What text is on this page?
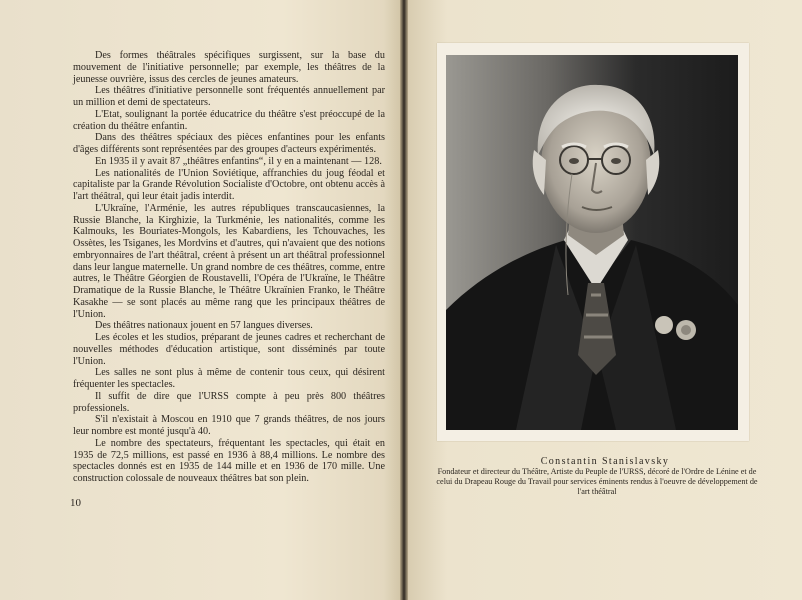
Des formes théâtrales spécifiques surgissent, sur la base du mouvement de l'initiative personnelle; par exemple, les théâtres de la jeunesse ouvrière, issus des cercles de jeunes amateurs.

Les théâtres d'initiative personnelle sont fréquentés annuellement par un million et demi de spectateurs.

L'Etat, soulignant la portée éducatrice du théâtre s'est préoccupé de la création du théâtre enfantin.

Dans des théâtres spéciaux des pièces enfantines pour les enfants d'âges différents sont représentées par des groupes d'acteurs expérimentés.

En 1935 il y avait 87 „théâtres enfantins“, il y en a maintenant — 128.

Les nationalités de l'Union Soviétique, affranchies du joug féodal et capitaliste par la Grande Révolution Socialiste d'Octobre, ont obtenu accès à l'art théâtral, qui leur était jadis interdit.

L'Ukraïne, l'Arménie, les autres républiques transcaucasiennes, la Russie Blanche, la Kirghizie, la Turkménie, les nationalités, comme les Kalmouks, les Bouriates-Mongols, les Kabardiens, les Tchouvaches, les Ossètes, les Tsiganes, les Mordvins et d'autres, qui n'avaient que des notions embryonnaires de l'art théâtral, créent à présent un art théâtral professionnel dans leur langue maternelle. Un grand nombre de ces théâtres, comme, entre autres, le Théâtre Géorgien de Roustavelli, l'Opéra de l'Ukraïne, le Théâtre Dramatique de la Russie Blanche, le Théâtre Ukraïnien Franko, le Théâtre Kasakhe — se sont placés au même rang que les principaux théâtres de l'Union.

Des théâtres nationaux jouent en 57 langues diverses.

Les écoles et les studios, préparant de jeunes cadres et recherchant de nouvelles méthodes d'éducation artistique, sont disséminés par toute l'Union.

Les salles ne sont plus à même de contenir tous ceux, qui désirent fréquenter les spectacles.

Il suffit de dire que l'URSS compte à peu près 800 théâtres professionels.

S'il n'existait à Moscou en 1910 que 7 grands théâtres, de nos jours leur nombre est monté jusqu'à 40.

Le nombre des spectateurs, fréquentant les spectacles, qui était en 1935 de 72,5 millions, est passé en 1936 à 88,4 millions. Le nombre des spectacles donnés est en 1935 de 144 mille et en 1936 de 170 mille. Une construction colossale de nouveaux théâtres bat son plein.

10
Constantin Stanislavsky
Fondateur et directeur du Théâtre, Artiste du Peuple de l'URSS, décoré de l'Ordre de Lénine et de celui du Drapeau Rouge du Travail pour services éminents rendus à l'oeuvre de développement de l'art théâtral
